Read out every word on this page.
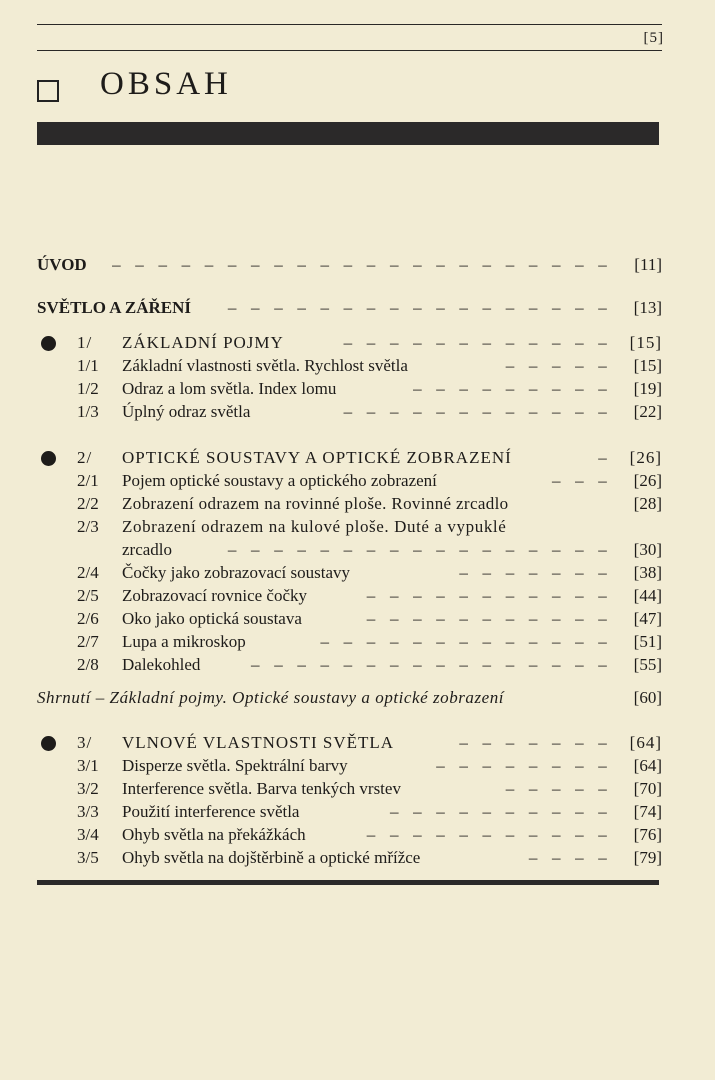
[5]
OBSAH
ÚVOD – – – – – – – – – – – – – – – – – – – – – –	[11]
SVĚTLO A ZÁŘENÍ – – – – – – – – – – – – – – – – –	[13]
1/	ZÁKLADNÍ POJMY	– – – – – – – – – – – –	[15]
1/1	Základní vlastnosti světla. Rychlost světla	– – – – –	[15]
1/2	Odraz a lom světla. Index lomu	– – – – – – – – –	[19]
1/3	Úplný odraz světla	– – – – – – – – – – – –	[22]
2/	OPTICKÉ SOUSTAVY A OPTICKÉ ZOBRAZENÍ	–	[26]
2/1	Pojem optické soustavy a optického zobrazení	– – –	[26]
2/2	Zobrazení odrazem na rovinné ploše. Rovinné zrcadlo	[28]
2/3	Zobrazení odrazem na kulové ploše. Duté a vypuklé
zrcadlo	– – – – – – – – – – – – – – – – –	[30]
2/4	Čočky jako zobrazovací soustavy	– – – – – – –	[38]
2/5	Zobrazovací rovnice čočky	– – – – – – – – – – –	[44]
2/6	Oko jako optická soustava	– – – – – – – – – – –	[47]
2/7	Lupa a mikroskop	– – – – – – – – – – – – –	[51]
2/8	Dalekohled	– – – – – – – – – – – – – – – –	[55]
Shrnutí – Základní pojmy. Optické soustavy a optické zobrazení	[60]
3/	VLNOVÉ VLASTNOSTI SVĚTLA	– – – – – – –	[64]
3/1	Disperze světla. Spektrální barvy	– – – – – – – –	[64]
3/2	Interference světla. Barva tenkých vrstev	– – – – –	[70]
3/3	Použití interference světla	– – – – – – – – – –	[74]
3/4	Ohyb světla na překážkách	– – – – – – – – – – –	[76]
3/5	Ohyb světla na dojštěrbině a optické mřížce	– – – –	[79]
